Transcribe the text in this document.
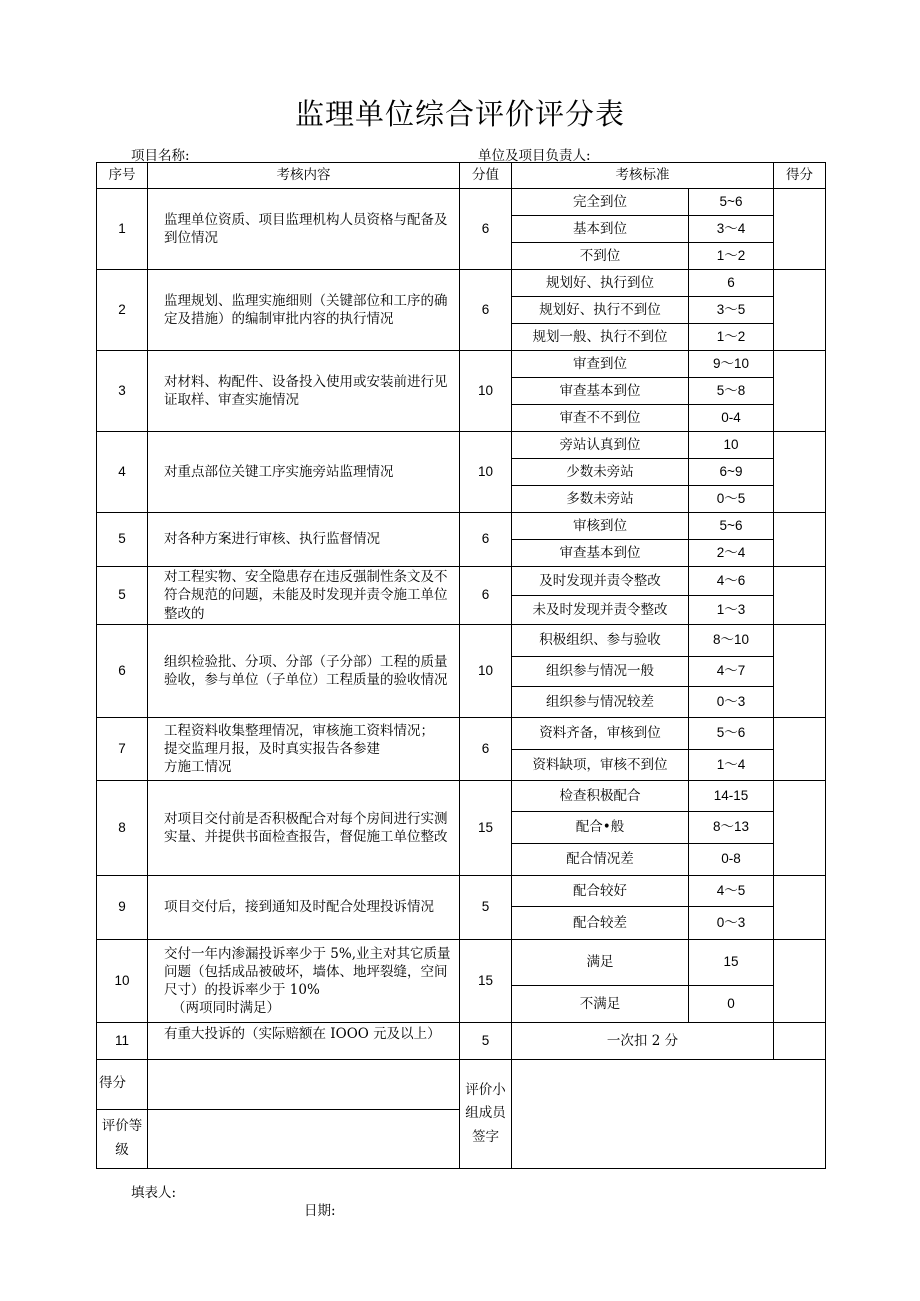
监理单位综合评价评分表
项目名称:	单位及项目负责人:
序号	考核内容	分值	考核标准		得分
1	监理单位资质、项目监理机构人员资格与配备及到位情况	6	完全到位	5~6	
			基本到位	3～4	
			不到位	1～2	
2	监理规划、监理实施细则（关键部位和工序的确定及措施）的编制审批内容的执行情况	6	规划好、执行到位	6	
			规划好、执行不到位	3～5	
			规划一般、执行不到位	1～2	
3	对材料、构配件、设备投入使用或安装前进行见证取样、审查实施情况	10	审查到位	9～10	
			审查基本到位	5～8	
			审查不不到位	0-4	
4	对重点部位关键工序实施旁站监理情况	10	旁站认真到位	10	
			少数未旁站	6~9	
			多数未旁站	0～5	
5	对各种方案进行审核、执行监督情况	6	审核到位	5~6	
			审查基本到位	2～4	
5	对工程实物、安全隐患存在违反强制性条文及不符合规范的问题，未能及时发现并责令施工单位整改的	6	及时发现并责令整改	4～6	
			未及时发现并责令整改	1～3	
6	组织检验批、分项、分部（子分部）工程的质量验收，参与单位（子单位）工程质量的验收情况	10	积极组织、参与验收	8～10	
			组织参与情况一般	4～7	
			组织参与情况较差	0～3	
7	工程资料收集整理情况，审核施工资料情况；
提交监理月报，及时真实报告各参建
方施工情况	6	资料齐备，审核到位	5～6	
			资料缺项，审核不到位	1～4	
8	对项目交付前是否积极配合对每个房间进行实测实量、并提供书面检查报告，督促施工单位整改	15	检查积极配合	14-15	
			配合•般	8～13	
			配合情况差	0-8	
9	项目交付后，接到通知及时配合处理投诉情况	5	配合较好	4～5	
			配合较差	0～3	
10	交付一年内渗漏投诉率少于 5%,业主对其它质量问题（包括成品被破坏，墙体、地坪裂缝，空间尺寸）的投诉率少于 10%
（两项同时满足）	15	满足	15	
			不满足	0	
11	有重大投诉的（实际赔额在 IOOO 元及以上）	5	一次扣 2 分		
得分		评价小组成员签字			
评价等级					
填表人:
日期:
